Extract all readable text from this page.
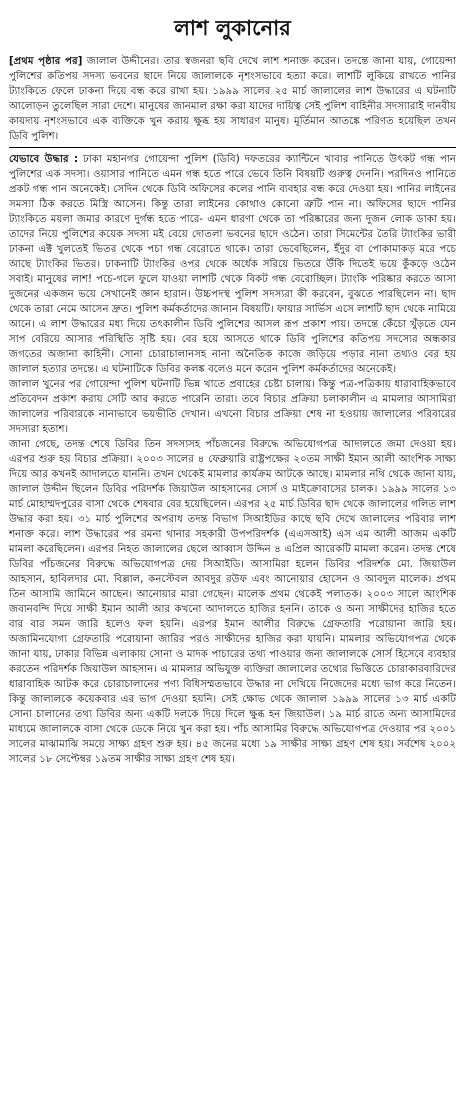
লাশ লুকানোর

[প্রথম পৃষ্ঠার পর] জালাল উদ্দীনের। তার স্বজনরা ছবি দেখে লাশ শনাক্ত করেন। তদন্তে জানা যায়, গোয়েন্দা পুলিশের কতিপয় সদস্য ভবনের ছাদে নিয়ে জালালকে নৃশংসভাবে হত্যা করে। লাশটি লুকিয়ে রাখতে পানির ট্যাংকিতে ফেলে ঢাকনা দিয়ে বন্ধ করে রাখা হয়। ১৯৯৯ সালের ২৫ মার্চ জালালের লাশ উদ্ধারের এ ঘটনাটি আলোড়ন তুলেছিল সারা দেশে। মানুষের জানমাল রক্ষা করা যাদের দায়িত্ব সেই পুলিশ বাহিনীর সদস্যারাই দানবীয় কায়দায় নৃশংসভাবে এক ব্যক্তিকে খুন করায় ক্ষুব্ধ হয় সাধারণ মানুষ। মূর্তিমান আতঙ্কে পরিণত হয়েছিল তখন ডিবি পুলিশ।

যেভাবে উদ্ধার : ঢাকা মহানগর গোয়েন্দা পুলিশ (ডিবি) দফতরের ক্যান্টিনে খাবার পানিতে উৎকট গন্ধ পান পুলিশের এক সদস্য। ওয়াসার পানিতে এমন গন্ধ হতে পারে ভেবে তিনি বিষয়টি গুরুত্ব দেননি। পরদিনও পানিতে প্রকট গন্ধ পান অনেকেই। সেদিন থেকে ডিবি অফিসের কলের পানি ব্যবহার বন্ধ করে দেওয়া হয়। পানির লাইনের সমস্যা ঠিক করতে মিস্ত্রি আসেন। কিন্তু তারা লাইনের কোথাও কোনো ত্রুটি পান না। অফিসের ছাদে পানির ট্যাংকিতে ময়লা জমার কারণে দুর্গন্ধ হতে পারে- এমন ধারণা থেকে তা পরিষ্কারের জন্য দুজন লোক ডাকা হয়। তাদের নিয়ে পুলিশের কয়েক সদস্য মই বেয়ে দোতলা ভবনের ছাদে ওঠেন। তারা সিমেন্টের তৈরি ট্যাংকির ভারী ঢাকনা এক্ট খুলতেই ভিতর থেকে পচা গন্ধ বেরোতে থাকে। তারা ভেবেছিলেন, ইঁদুর বা পোকামাকড় মরে পচে আছে ট্যাংকির ভিতর। ঢাকনাটি ট্যাংকির ওপর থেকে অর্ধেক সরিয়ে ভিতরে উঁকি দিতেই ভয়ে কুঁকড়ে ওঠেন সবাই। মানুষের লাশ! পচে-গলে ফুলে যাওয়া লাশটি থেকে বিকট গন্ধ বেরোচ্ছিল। ট্যাংকি পরিষ্কার করতে আসা দুজনের একজন ভয়ে সেখানেই জ্ঞান হারান। উচ্চপদস্থ পুলিশ সদস্যরা কী করবেন, বুঝতে পারছিলেন না। ছাদ থেকে তারা নেমে আসেন দ্রুত। পুলিশ কর্মকর্তাদের জানান বিষয়টি। ফায়ার সার্ভিস এসে লাশটি ছাদ থেকে নামিয়ে আনে। এ লাশ উদ্ধারের মধ্য দিয়ে তৎকালীন ডিবি পুলিশের আসল রূপ প্রকাশ পায়। তদন্তে কেঁচো খুঁড়তে যেন সাপ বেরিয়ে আসার পরিস্থিতি সৃষ্টি হয়। বের হয়ে আসতে থাকে ডিবি পুলিশের কতিপয় সদস্যের অন্ধকার জগতের অজানা কাহিনী। সোনা চোরাচালানসহ নানা অনৈতিক কাজে জড়িয়ে পড়ার নানা তথ্যও বের হয় জালাল হত্যার তদন্তে। এ ঘটনাটিকে ডিবির কলঙ্ক বলেও মনে করেন পুলিশ কর্মকর্তাদের অনেকেই।

জালাল খুনের পর গোয়েন্দা পুলিশ ঘটনাটি ভিন্ন খাতে প্রবাহের চেষ্টা চালায়। কিন্তু পত্র-পত্রিকায় ধারাবাহিকভাবে প্রতিবেদন প্রকাশ করায় সেটি আর করতে পারেনি তারা। তবে বিচার প্রক্রিয়া চলাকালীন এ মামলার আসামিরা জালালের পরিবারকে নানাভাবে ভয়ভীতি দেখান। এখনো বিচার প্রক্রিয়া শেষ না হওয়ায় জালালের পরিবারের সদস্যরা হতাশ।

জানা গেছে, তদন্ত শেষে ডিবির তিন সদস্যসহ পাঁচজনের বিরুদ্ধে অভিযোগপত্র আদালতে জমা দেওয়া হয়। এরপর শুরু হয় বিচার প্রক্রিয়া। ২০০৩ সালের ৪ ফেব্রুয়ারি রাষ্ট্রপক্ষের ২০তম সাক্ষী ইমান আলী আংশিক সাক্ষ্য দিয়ে আর কখনই আদালতে যাননি। তখন থেকেই মামলার কার্যক্রম আটকে আছে। মামলার নথি থেকে জানা যায়, জালাল উদ্দীন ছিলেন ডিবির পরিদর্শক জিয়াউল আহসানের সোর্স ও মাইক্রোবাসের চালক। ১৯৯৯ সালের ১৩ মার্চ মোহাম্মদপুরের বাসা থেকে শেষবার বের হয়েছিলেন। এরপর ২৫ মার্চ ডিবির ছাদ থেকে জালালের গলিত লাশ উদ্ধার করা হয়। ৩১ মার্চ পুলিশের অপরাধ তদন্ত বিভাগ সিআইডির কাছে ছবি দেখে জালালের পরিবার লাশ শনাক্ত করে। লাশ উদ্ধারের পর রমনা থানার সহকারী উপপরিদর্শক (এএসআই) এস এম আলী আজম একটি মামলা করেছিলেন। এরপর নিহত জালালের ছেলে আব্বাস উদ্দিন ৪ এপ্রিল আরেকটি মামলা করেন। তদন্ত শেষে ডিবির পাঁচজনের বিরুদ্ধে অভিযোগপত্র দেয় সিআইডি। আসামিরা হলেন ডিবির পরিদর্শক মো. জিয়াউল আহসান, হাবিলদার মো. বিল্লাল, কনস্টেবল আবদুর রউফ এবং আনোয়ার হোসেন ও আবদুল মালেক। প্রথম তিন আসামি জামিনে আছেন। আনোয়ার মারা গেছেন। মালেক প্রথম থেকেই পলাতক। ২০০৩ সালে আংশিক জবানবন্দি দিয়ে সাক্ষী ইমান আলী আর কখনো আদালতে হাজির হননি। তাকে ও অন্য সাক্ষীদের হাজির হতে বার বার সমন জারি হলেও ফল হয়নি। এরপর ইমান আলীর বিরুদ্ধে গ্রেফতারি পরোয়ানা জারি হয়। অজামিনযোগ্য গ্রেফতারি পরোয়ানা জারির পরও সাক্ষীদের হাজির করা যায়নি। মামলার অভিযোগপত্র থেকে জানা যায়, ঢাকার বিভিন্ন এলাকায় সোনা ও মাদক পাচারের তথ্য পাওয়ার জন্য জালালকে সোর্স হিসেবে ব্যবহার করতেন পরিদর্শক জিয়াউল আহসান। এ মামলার অভিযুক্ত ব্যক্তিরা জালালের তথ্যের ভিত্তিতে চোরাকারবারিদের ধারাবাহিক আটক করে চোরাচালানের পণ্য বিধিসম্মতভাবে উদ্ধার না দেখিয়ে নিজেদের মধ্যে ভাগ করে নিতেন। কিন্তু জালালকে কয়েকবার এর ভাগ দেওয়া হয়নি। সেই ক্ষোভ থেকে জালাল ১৯৯৯ সালের ১৩ মার্চ একটি সোনা চালানের তথ্য ডিবির অন্য একটি দলকে দিয়ে দিলে ক্ষুব্ধ হন জিয়াউল। ১৯ মার্চ রাতে অন্য আসামিদের মাধ্যমে জালালকে বাসা থেকে ডেকে নিয়ে খুন করা হয়। পাঁচ আসামির বিরুদ্ধে অভিযোগপত্র দেওয়ার পর ২০০১ সালের মাঝামাঝি সময়ে সাক্ষ্য গ্রহণ শুরু হয়। ৪৫ জনের মধ্যে ১৯ সাক্ষীর সাক্ষ্য গ্রহণ শেষ হয়। সর্বশেষ ২০০২ সালের ১৮ সেপ্টেম্বর ১৯তম সাক্ষীর সাক্ষ্য গ্রহণ শেষ হয়।
